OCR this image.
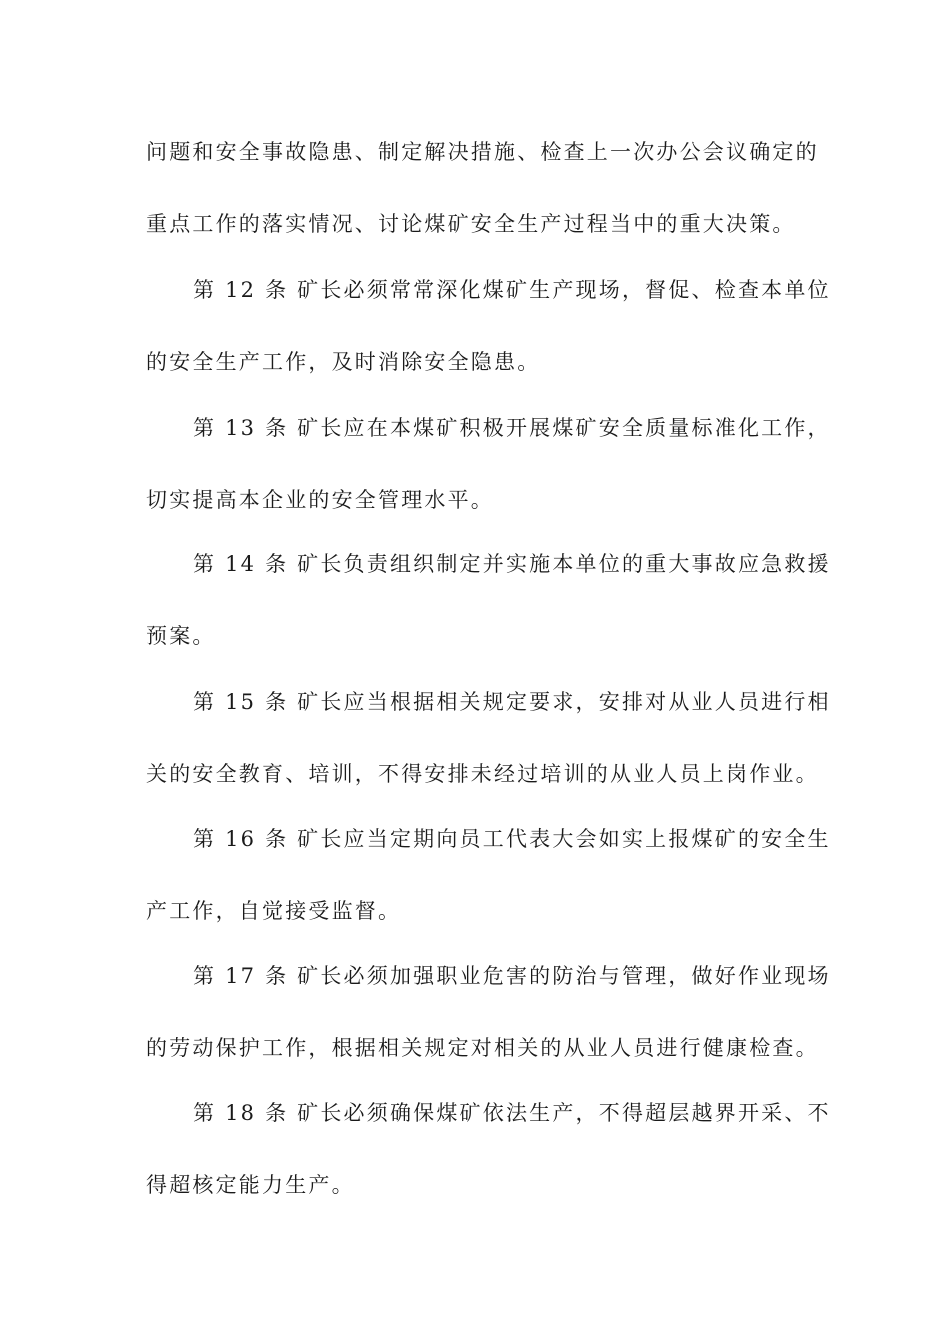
问题和安全事故隐患、制定解决措施、检查上一次办公会议确定的
重点工作的落实情况、讨论煤矿安全生产过程当中的重大决策。
第 12 条 矿长必须常常深化煤矿生产现场，督促、检查本单位
的安全生产工作，及时消除安全隐患。
第 13 条 矿长应在本煤矿积极开展煤矿安全质量标准化工作，
切实提高本企业的安全管理水平。
第 14 条 矿长负责组织制定并实施本单位的重大事故应急救援
预案。
第 15 条 矿长应当根据相关规定要求，安排对从业人员进行相
关的安全教育、培训，不得安排未经过培训的从业人员上岗作业。
第 16 条 矿长应当定期向员工代表大会如实上报煤矿的安全生
产工作，自觉接受监督。
第 17 条 矿长必须加强职业危害的防治与管理，做好作业现场
的劳动保护工作，根据相关规定对相关的从业人员进行健康检查。
第 18 条 矿长必须确保煤矿依法生产，不得超层越界开采、不
得超核定能力生产。
